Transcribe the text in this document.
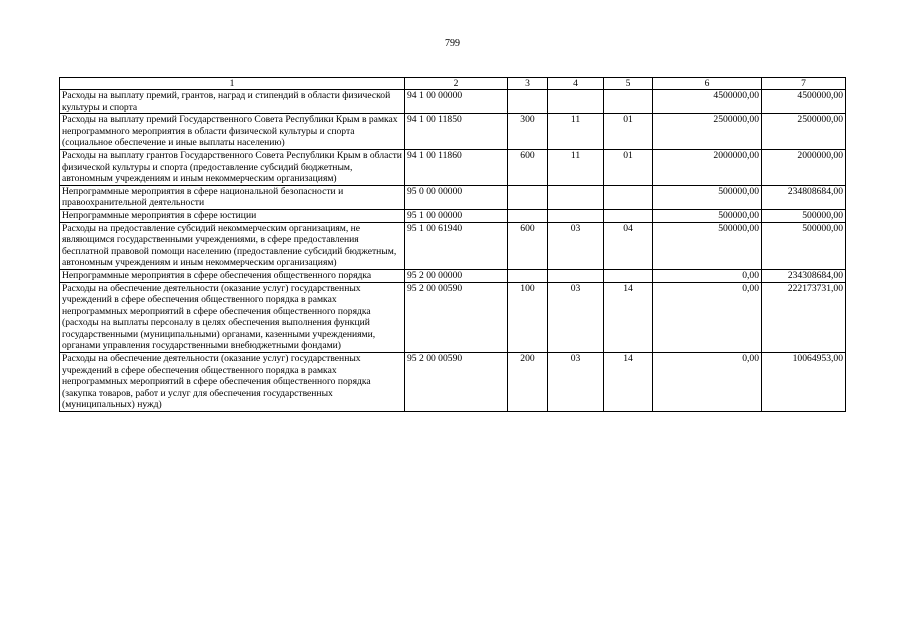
799
1	2	3	4	5	6	7
Расходы на выплату премий, грантов, наград и стипендий в области физической культуры и спорта	94 1 00 00000				4500000,00	4500000,00
Расходы на выплату премий Государственного Совета Республики Крым в рамках непрограммного мероприятия в области физической культуры и спорта (социальное обеспечение и иные выплаты населению)	94 1 00 11850	300	11	01	2500000,00	2500000,00
Расходы на выплату грантов Государственного Совета Республики Крым в области физической культуры и спорта (предоставление субсидий бюджетным, автономным учреждениям и иным некоммерческим организациям)	94 1 00 11860	600	11	01	2000000,00	2000000,00
Непрограммные мероприятия в сфере национальной безопасности и правоохранительной деятельности	95 0 00 00000				500000,00	234808684,00
Непрограммные мероприятия в сфере юстиции	95 1 00 00000				500000,00	500000,00
Расходы на предоставление субсидий некоммерческим организациям, не являющимся государственными учреждениями, в сфере предоставления бесплатной правовой помощи населению (предоставление субсидий бюджетным, автономным учреждениям и иным некоммерческим организациям)	95 1 00 61940	600	03	04	500000,00	500000,00
Непрограммные мероприятия в сфере обеспечения общественного порядка	95 2 00 00000				0,00	234308684,00
Расходы на обеспечение деятельности (оказание услуг) государственных учреждений в сфере обеспечения общественного порядка в рамках непрограммных мероприятий в сфере обеспечения общественного порядка (расходы на выплаты персоналу в целях обеспечения выполнения функций государственными (муниципальными) органами, казенными учреждениями, органами управления государственными внебюджетными фондами)	95 2 00 00590	100	03	14	0,00	222173731,00
Расходы на обеспечение деятельности (оказание услуг) государственных учреждений в сфере обеспечения общественного порядка в рамках непрограммных мероприятий в сфере обеспечения общественного порядка (закупка товаров, работ и услуг для обеспечения государственных (муниципальных) нужд)	95 2 00 00590	200	03	14	0,00	10064953,00
